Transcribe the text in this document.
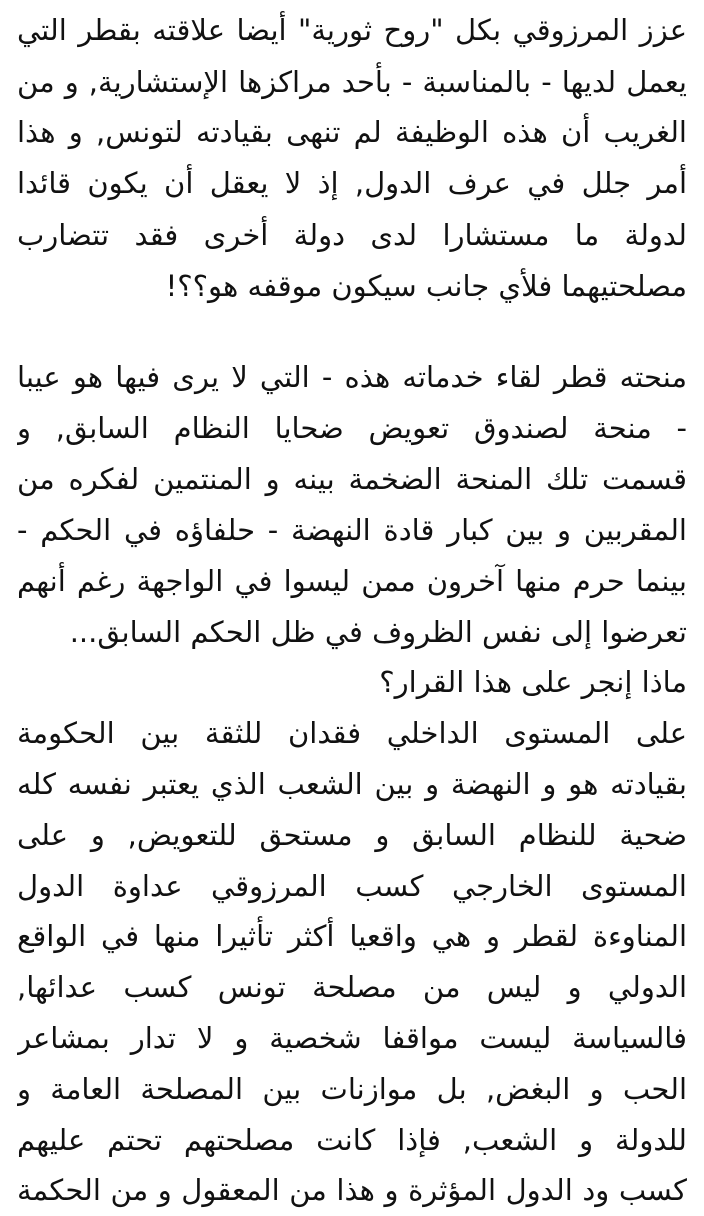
عزز المرزوقي بكل "روح ثورية" أيضا علاقته بقطر التي
يعمل لديها - بالمناسبة - بأحد مراكزها الإستشارية, و من
الغريب أن هذه الوظيفة لم تنهى بقيادته لتونس, و هذا
أمر جلل في عرف الدول, إذ لا يعقل أن يكون قائدا
لدولة ما مستشارا لدى دولة أخرى فقد تتضارب
مصلحتيهما فلأي جانب سيكون موقفه هو؟؟!
منحته قطر لقاء خدماته هذه - التي لا يرى فيها هو عيبا
- منحة لصندوق تعويض ضحايا النظام السابق, و
قسمت تلك المنحة الضخمة بينه و المنتمين لفكره من
المقربين و بين كبار قادة النهضة - حلفاؤه في الحكم -
بينما حرم منها آخرون ممن ليسوا في الواجهة رغم أنهم
تعرضوا إلى نفس الظروف في ظل الحكم السابق...
ماذا إنجر على هذا القرار؟
على المستوى الداخلي فقدان للثقة بين الحكومة
بقيادته هو و النهضة و بين الشعب الذي يعتبر نفسه كله
ضحية للنظام السابق و مستحق للتعويض, و على
المستوى الخارجي كسب المرزوقي عداوة الدول
المناوءة لقطر و هي واقعيا أكثر تأثيرا منها في الواقع
الدولي و ليس من مصلحة تونس كسب عدائها,
فالسياسة ليست مواقفا شخصية و لا تدار بمشاعر
الحب و البغض, بل موازنات بين المصلحة العامة و
للدولة و الشعب, فإذا كانت مصلحتهم تحتم عليهم
كسب ود الدول المؤثرة و هذا من المعقول و من الحكمة
